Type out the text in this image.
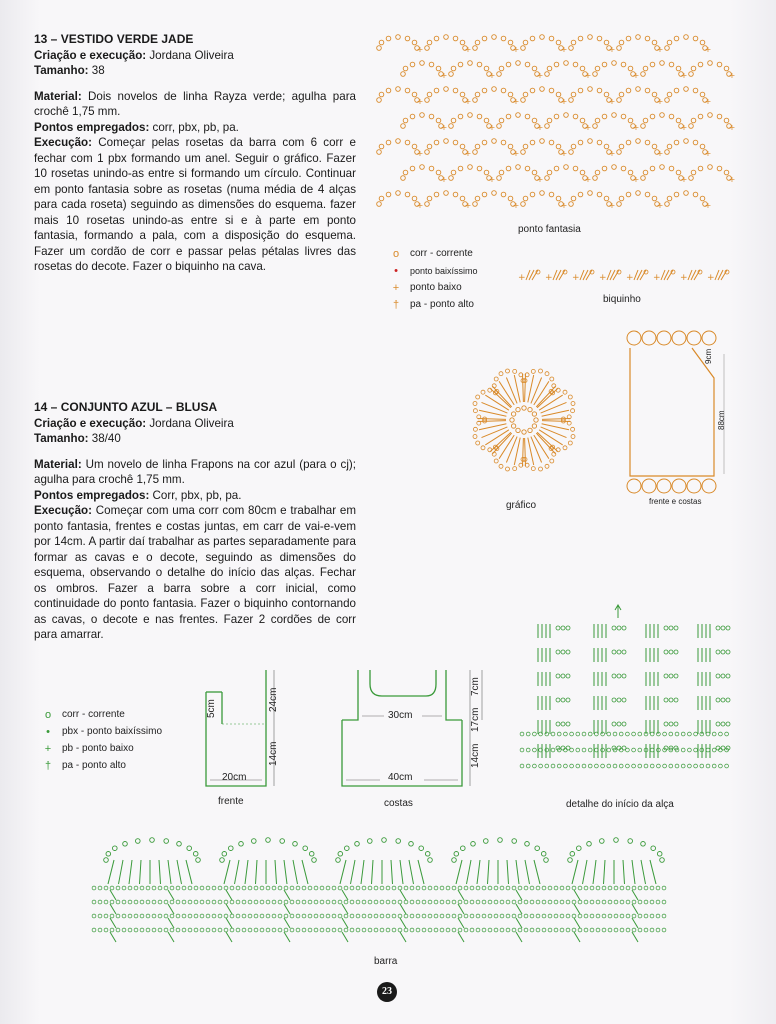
13 – VESTIDO VERDE JADE
Criação e execução: Jordana Oliveira
Tamanho: 38

Material: Dois novelos de linha Rayza verde; agulha para crochê 1,75 mm.

Pontos empregados: corr, pbx, pb, pa.

Execução: Começar pelas rosetas da barra com 6 corr e fechar com 1 pbx formando um anel. Seguir o gráfico. Fazer 10 rosetas unindo-as entre si formando um círculo. Continuar em ponto fantasia sobre as rosetas (numa média de 4 alças para cada roseta) seguindo as dimensões do esquema. fazer mais 10 rosetas unindo-as entre si e à parte em ponto fantasia, formando a pala, com a disposição do esquema. Fazer um cordão de corr e passar pelas pétalas livres das rosetas do decote. Fazer o biquinho na cava.

14 – CONJUNTO AZUL – BLUSA
Criação e execução: Jordana Oliveira
Tamanho: 38/40

Material: Um novelo de linha Frapons na cor azul (para o cj); agulha para crochê 1,75 mm.

Pontos empregados: Corr, pbx, pb, pa.

Execução: Começar com uma corr com 80cm e trabalhar em ponto fantasia, frentes e costas juntas, em carr de vai-e-vem por 14cm. A partir daí trabalhar as partes separadamente para formar as cavas e o decote, seguindo as dimensões do esquema, observando o detalhe do início das alças. Fechar os ombros. Fazer a barra sobre a corr inicial, como continuidade do ponto fantasia. Fazer o biquinho contornando as cavas, o decote e nas frentes. Fazer 2 cordões de corr para amarrar.

+	+	+	+	+	+	+
+	+	+	+	+	+	+
+	+	+	+	+	+	+
+	+	+	+	+	+	+
+	+	+	+	+	+	+
+	+	+	+	+	+	+
+	+	+	+	+	+	+
ponto fantasia
o	corr - corrente
•	ponto baixíssimo
+	ponto baixo
†	pa - ponto alto
+ + + + + + + +
biquinho
gráfico
9cm
88cm
frente e costas
o	corr - corrente
•	pbx - ponto baixíssimo
+	pb - ponto baixo
†	pa - ponto alto
5cm	24cm
14cm
20cm
frente
30cm
40cm
7cm
17cm
14cm
costas	detalhe do início da alça
barra
23
